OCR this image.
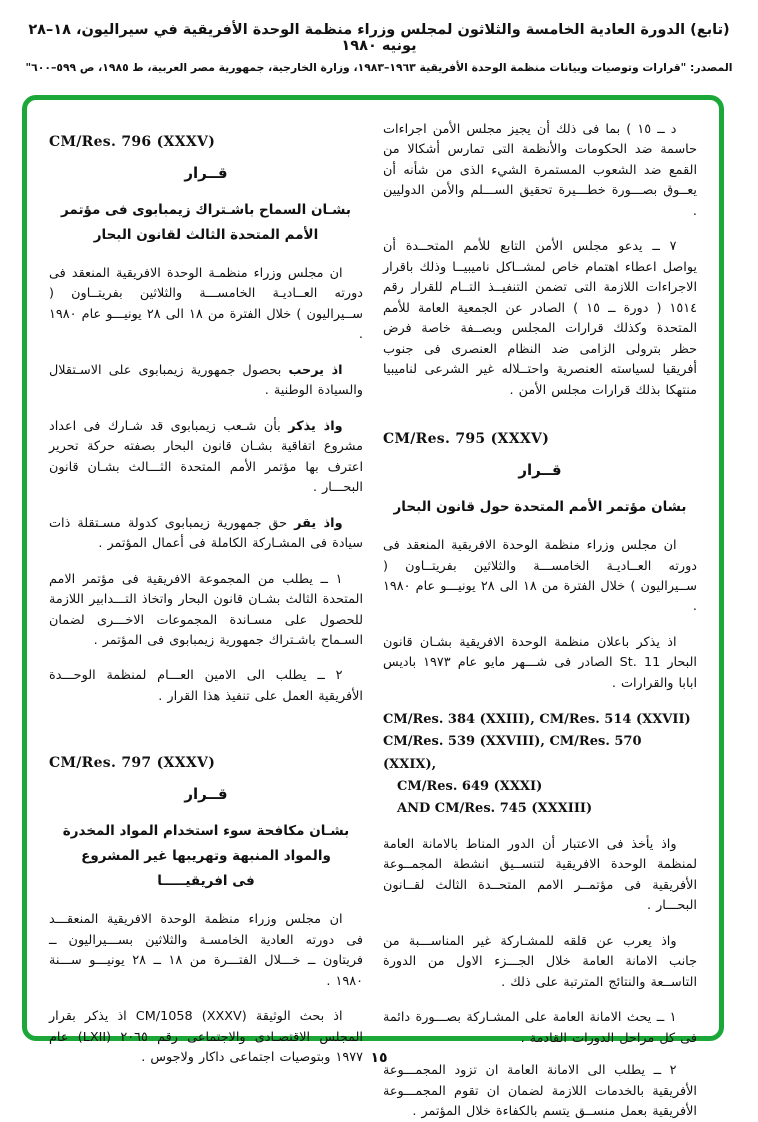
(تابع) الدورة العادية الخامسة والثلاثون لمجلس وزراء منظمة الوحدة الأفريقية في سيراليون، ١٨–٢٨ يونيه ١٩٨٠
المصدر: "قرارات وتوصيات وبيانات منظمة الوحدة الأفريقية ١٩٦٣–١٩٨٣، وزارة الخارجية، جمهورية مصر العربية، ط ١٩٨٥، ص ٥٩٩–٦٠٠"

د ــ ١٥ ) بما فى ذلك أن يجيز مجلس الأمن اجراءات حاسمة ضد الحكومات والأنظمة التى تمارس أشكالا من القمع ضد الشعوب المستمرة الشيء الذى من شأنه أن يعــوق بصـــورة خطـــيرة تحقيق الســـلم والأمن الدوليين .

٧ ــ يدعو مجلس الأمن التابع للأمم المتحــدة أن يواصل اعطاء اهتمام خاص لمشــاكل ناميبيــا وذلك باقرار الاجراءات اللازمة التى تضمن التنفيــذ التــام للقرار رقم ١٥١٤ ( دورة ــ ١٥ ) الصادر عن الجمعية العامة للأمم المتحدة وكذلك قرارات المجلس وبصــفة خاصة فرض حظر بترولى الزامى ضد النظام العنصرى فى جنوب أفريقيا لسياسته العنصرية واحتــلاله غير الشرعى لناميبيا منتهكا بذلك قرارات مجلس الأمن .

CM/Res. 795 (XXXV)
قــرار
بشان مؤتمر الأمم المتحدة حول قانون البحار

ان مجلس وزراء منظمة الوحدة الافريقية المنعقد فى دورته العــاديـة الخامســـة والثلاثين بفريتــاون ( ســيراليون ) خلال الفترة من ١٨ الى ٢٨ يونيـــو عام ١٩٨٠ .

اذ يذكر باعلان منظمة الوحدة الافريقية بشـان قانون البحار St. 11 الصادر فى شـــهر مايو عام ١٩٧٣ باديس ابابا والقرارات .

CM/Res. 384 (XXIII), CM/Res. 514 (XXVII)
CM/Res. 539 (XXVIII), CM/Res. 570 (XXIX),
CM/Res. 649 (XXXI)
AND CM/Res. 745 (XXXIII)

واذ يأخذ فى الاعتبار أن الدور المناط بالامانة العامة لمنظمة الوحدة الافريقية لتنســيق انشطة المجمــوعة الأفريقية فى مؤتمــر الامم المتحــدة الثالث لقــانون البحـــار .

واذ يعرب عن قلقه للمشـاركة غير المناســـبة من جانب الامانة العامة خلال الجـــزء الاول من الدورة التاســعة والنتائج المترتبة على ذلك .

١ ــ يحث الامانة العامة على المشـاركة بصـــورة دائمة فى كل مراحل الدورات القادمة .

٢ ــ يطلب الى الامانة العامة ان تزود المجمـــوعة الأفريقية بالخدمات اللازمة لضمان ان تقوم المجمـــوعة الأفريقية بعمل منســق يتسم بالكفاءة خلال المؤتمر .

CM/Res. 796 (XXXV)
قــرار
بشـان السماح باشـتراك زيمبابوى فى مؤتمر
الأمم المتحدة الثالث لقانون البحار

ان مجلس وزراء منظمـة الوحدة الافريقية المنعقد فى دورته العــاديـة الخامســـة والثلاثين بفريتــاون ( ســيراليون ) خلال الفترة من ١٨ الى ٢٨ يونيـــو عام ١٩٨٠ .

اذ يرحب بحصول جمهورية زيمبابوى على الاسـتقلال والسيادة الوطنية .

واذ يذكر بأن شـعب زيمبابوى قد شـارك فى اعداد مشروع اتفاقية بشـان قانون البحار بصفته حركة تحرير اعترف بها مؤتمر الأمم المتحدة الثـــالث بشـان قانون البحـــار .

واذ يقر حق جمهورية زيمبابوى كدولة مسـتقلة ذات سيادة فى المشـاركة الكاملة فى أعمال المؤتمر .

١ ــ يطلب من المجموعة الافريقية فى مؤتمر الامم المتحدة الثالث بشـان قانون البحار واتخاذ التـــدابير اللازمة للحصول على مسـاندة المجموعات الاخـــرى لضمان السـماح باشـتراك جمهورية زيمبابوى فى المؤتمر .

٢ ــ يطلب الى الامين العـــام لمنظمة الوحـــدة الأفريقية العمل على تنفيذ هذا القرار .

CM/Res. 797 (XXXV)
قــرار
بشـان مكافحة سوء استخدام المواد المخدرة
والمواد المنبهة وتهريبها غير المشروع
فى افريقيـــــا

ان مجلس وزراء منظمة الوحدة الافريقية المنعقـــد فى دورته العادية الخامسـة والثلاثين بســـيراليون ــ فريتاون ــ خـــلال الفتـــرة من ١٨ ــ ٢٨ يونيـــو ســـنة ١٩٨٠ .

اذ بحث الوثيقة CM/1058 (XXXV) اذ يذكر بقرار المجلس الاقتصـادى والاجتماعى رقم ٢٠٦٥ (LXII) عام ١٩٧٧ وبتوصيات اجتماعى داكار ولاجوس . ١٥
